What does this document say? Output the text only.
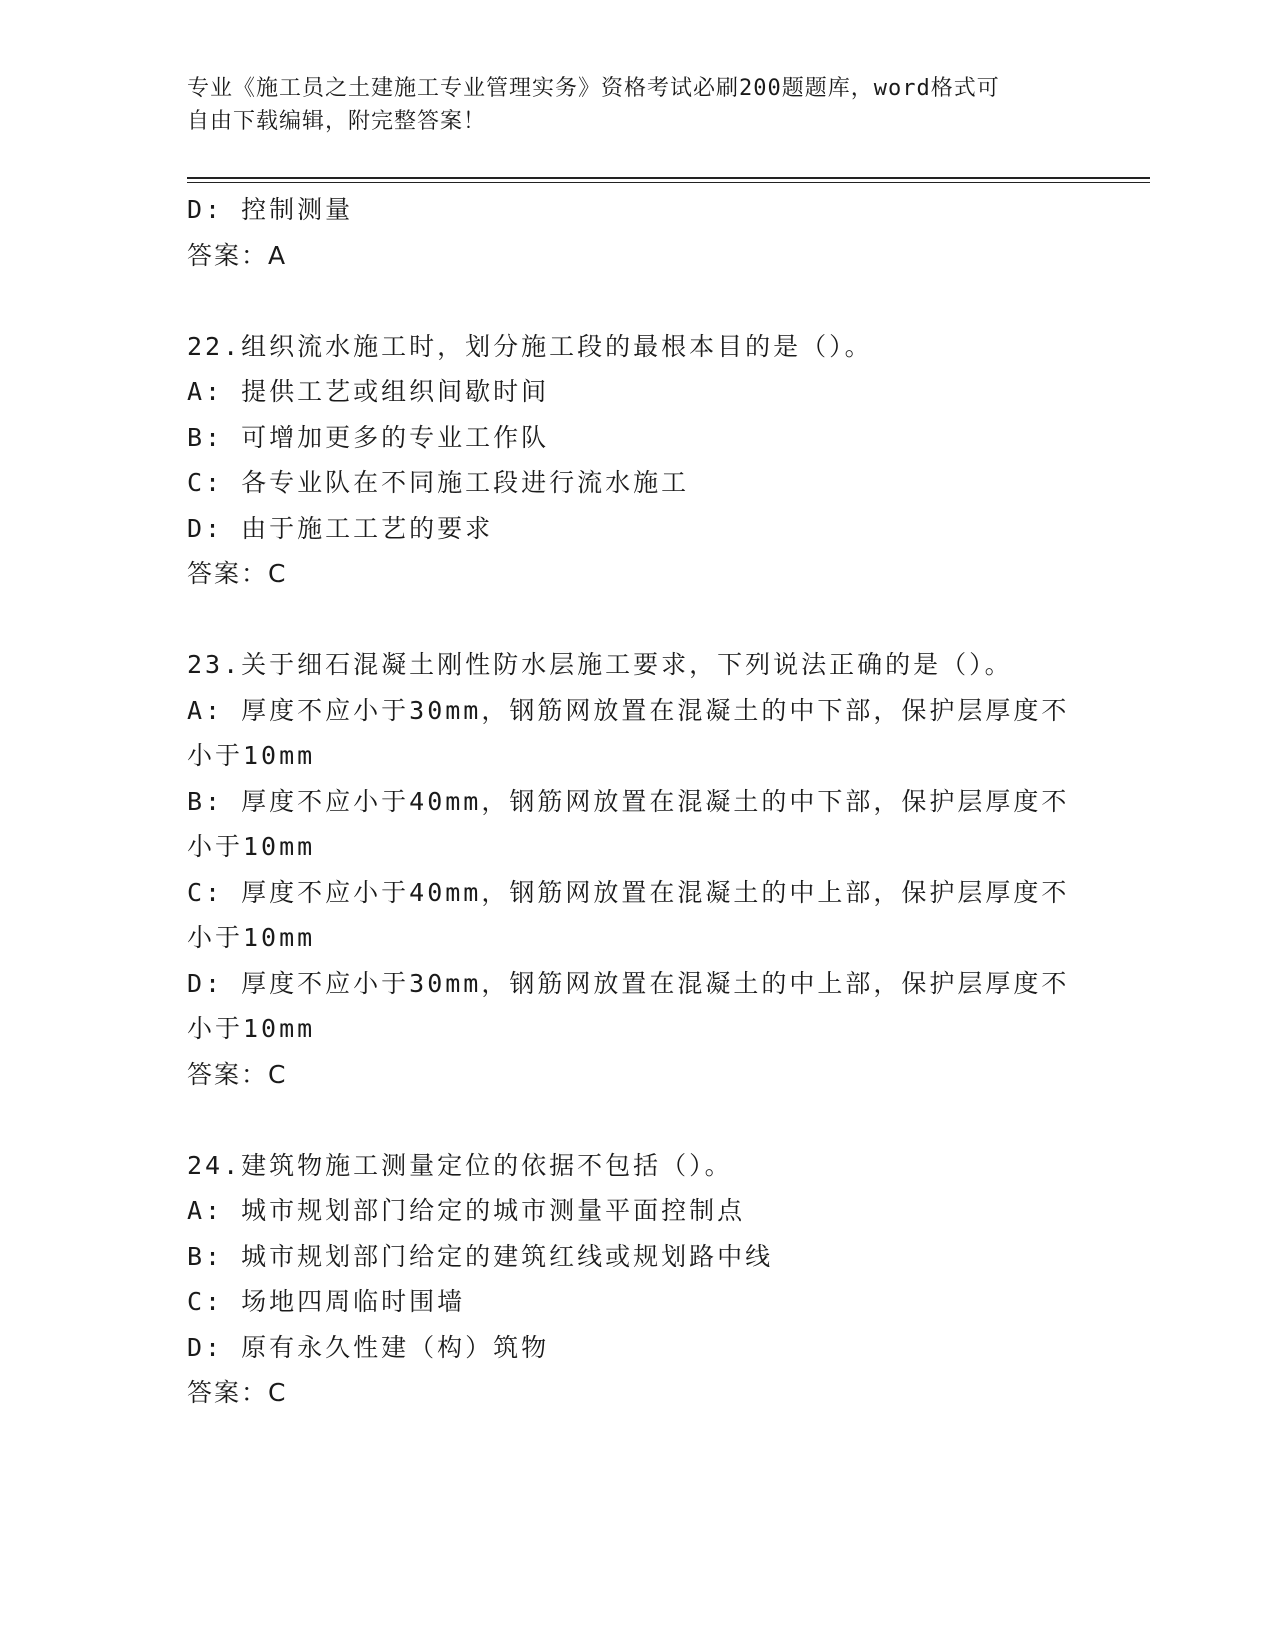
专业《施工员之土建施工专业管理实务》资格考试必刷200题题库，word格式可
自由下载编辑，附完整答案！
D: 控制测量
答案：A
22.组织流水施工时，划分施工段的最根本目的是（）。
A: 提供工艺或组织间歇时间
B: 可增加更多的专业工作队
C: 各专业队在不同施工段进行流水施工
D: 由于施工工艺的要求
答案：C
23.关于细石混凝土刚性防水层施工要求，下列说法正确的是（）。
A: 厚度不应小于30mm，钢筋网放置在混凝土的中下部，保护层厚度不
小于10mm
B: 厚度不应小于40mm，钢筋网放置在混凝土的中下部，保护层厚度不
小于10mm
C: 厚度不应小于40mm，钢筋网放置在混凝土的中上部，保护层厚度不
小于10mm
D: 厚度不应小于30mm，钢筋网放置在混凝土的中上部，保护层厚度不
小于10mm
答案：C
24.建筑物施工测量定位的依据不包括（）。
A: 城市规划部门给定的城市测量平面控制点
B: 城市规划部门给定的建筑红线或规划路中线
C: 场地四周临时围墙
D: 原有永久性建（构）筑物
答案：C
